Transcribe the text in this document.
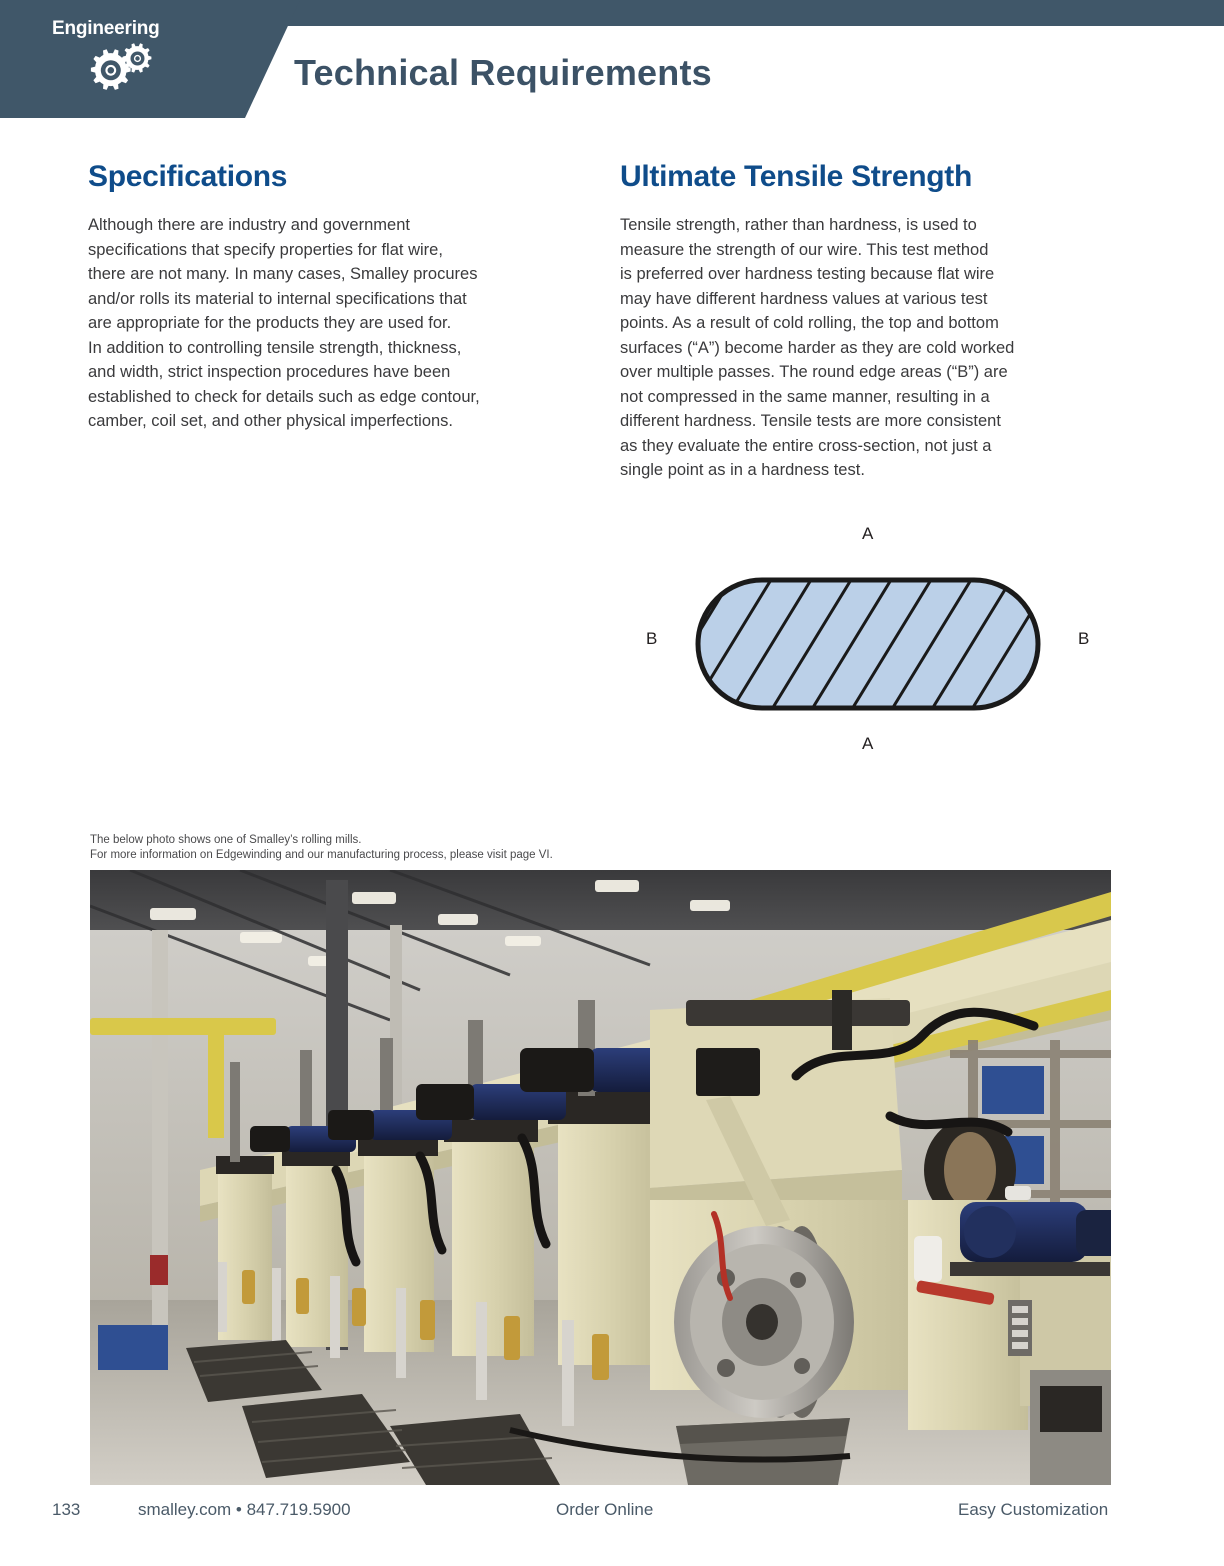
Engineering
Technical Requirements
Specifications

Although there are industry and government
specifications that specify properties for flat wire,
there are not many. In many cases, Smalley procures
and/or rolls its material to internal specifications that
are appropriate for the products they are used for.
In addition to controlling tensile strength, thickness,
and width, strict inspection procedures have been
established to check for details such as edge contour,
camber, coil set, and other physical imperfections.

Ultimate Tensile Strength

Tensile strength, rather than hardness, is used to
measure the strength of our wire. This test method
is preferred over hardness testing because flat wire
may have different hardness values at various test
points. As a result of cold rolling, the top and bottom
surfaces (“A”) become harder as they are cold worked
over multiple passes. The round edge areas (“B”) are
not compressed in the same manner, resulting in a
different hardness. Tensile tests are more consistent
as they evaluate the entire cross-section, not just a
single point as in a hardness test.

A
A
B	B
The below photo shows one of Smalley’s rolling mills.
For more information on Edgewinding and our manufacturing process, please visit page VI.
133	smalley.com • 847.719.5900	Order Online	Easy Customization
